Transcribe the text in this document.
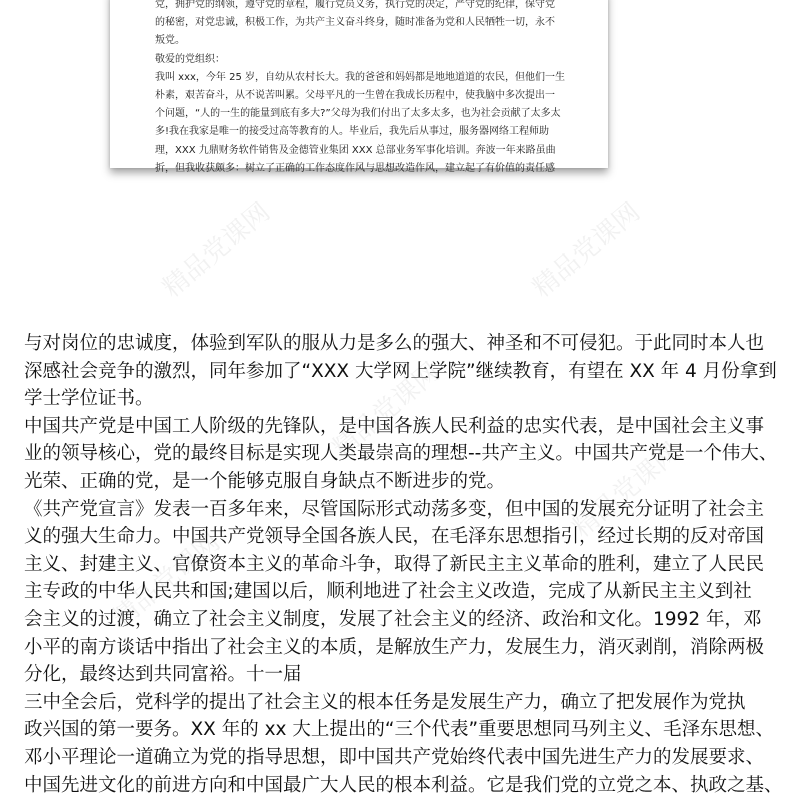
精品党课网	精品党课网
精品党课网
精品党课网
精品党课网
党，拥护党的纲领，遵守党的章程，履行党员义务，执行党的决定，严守党的纪律，保守党
的秘密，对党忠诚，积极工作，为共产主义奋斗终身，随时准备为党和人民牺牲一切，永不
叛党。
敬爱的党组织：
我叫 xxx，今年 25 岁，自幼从农村长大。我的爸爸和妈妈都是地地道道的农民，但他们一生
朴素，艰苦奋斗，从不说苦叫累。父母平凡的一生曾在我成长历程中，使我脑中多次提出一
个问题，“人的一生的能量到底有多大?”父母为我们付出了太多太多，也为社会贡献了太多太
多!我在我家是唯一的接受过高等教育的人。毕业后，我先后从事过，服务器网络工程师助
理，XXX 九鼎财务软件销售及金德管业集团 XXX 总部业务军事化培训。奔波一年来路虽曲
折，但我收获颇多：树立了正确的工作态度作风与思想改造作风，建立起了有价值的责任感
与对岗位的忠诚度，体验到军队的服从力是多么的强大、神圣和不可侵犯。于此同时本人也
深感社会竞争的激烈，同年参加了“XXX 大学网上学院”继续教育，有望在 XX 年 4 月份拿到
学士学位证书。
中国共产党是中国工人阶级的先锋队，是中国各族人民利益的忠实代表，是中国社会主义事
业的领导核心，党的最终目标是实现人类最崇高的理想--共产主义。中国共产党是一个伟大、
光荣、正确的党，是一个能够克服自身缺点不断进步的党。
《共产党宣言》发表一百多年来，尽管国际形式动荡多变，但中国的发展充分证明了社会主
义的强大生命力。中国共产党领导全国各族人民，在毛泽东思想指引，经过长期的反对帝国
主义、封建主义、官僚资本主义的革命斗争，取得了新民主主义革命的胜利，建立了人民民
主专政的中华人民共和国;建国以后，顺利地进了社会主义改造，完成了从新民主主义到社
会主义的过渡，确立了社会主义制度，发展了社会主义的经济、政治和文化。1992 年，邓
小平的南方谈话中指出了社会主义的本质，是解放生产力，发展生力，消灭剥削，消除两极
分化，最终达到共同富裕。十一届
三中全会后，党科学的提出了社会主义的根本任务是发展生产力，确立了把发展作为党执
政兴国的第一要务。XX 年的 xx 大上提出的“三个代表”重要思想同马列主义、毛泽东思想、
邓小平理论一道确立为党的指导思想，即中国共产党始终代表中国先进生产力的发展要求、
中国先进文化的前进方向和中国最广大人民的根本利益。它是我们党的立党之本、执政之基、
